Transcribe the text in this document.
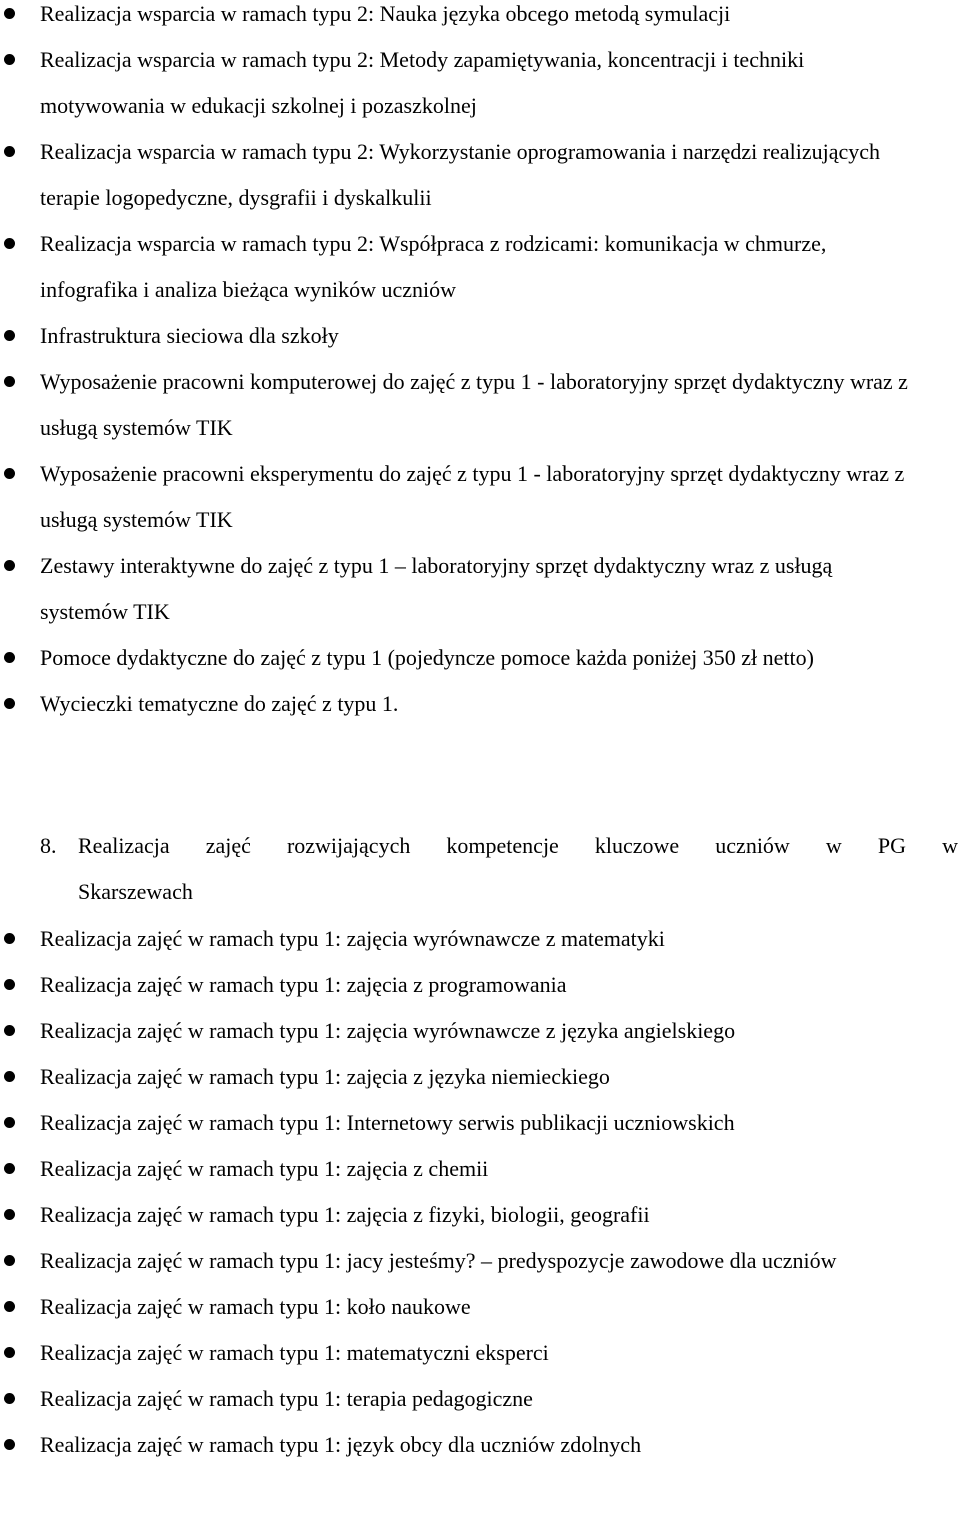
Realizacja wsparcia w ramach typu 2: Nauka języka obcego metodą symulacji
Realizacja wsparcia w ramach typu 2: Metody zapamiętywania, koncentracji i techniki motywowania w edukacji szkolnej i pozaszkolnej
Realizacja wsparcia w ramach typu 2: Wykorzystanie oprogramowania i narzędzi realizujących terapie logopedyczne, dysgrafii i dyskalkulii
Realizacja wsparcia w ramach typu 2: Współpraca z rodzicami: komunikacja w chmurze, infografika i analiza bieżąca wyników uczniów
Infrastruktura sieciowa dla szkoły
Wyposażenie pracowni komputerowej do zajęć z typu 1 - laboratoryjny sprzęt dydaktyczny wraz z usługą systemów TIK
Wyposażenie pracowni eksperymentu do zajęć z typu 1 - laboratoryjny sprzęt dydaktyczny wraz z usługą systemów TIK
Zestawy interaktywne do zajęć z typu 1 – laboratoryjny sprzęt dydaktyczny wraz z usługą systemów TIK
Pomoce dydaktyczne do zajęć z typu 1 (pojedyncze pomoce każda poniżej 350 zł netto)
Wycieczki tematyczne do zajęć z typu 1.
8. Realizacja zajęć rozwijających kompetencje kluczowe uczniów w PG w
Skarszewach
Realizacja zajęć w ramach typu 1: zajęcia wyrównawcze z matematyki
Realizacja zajęć w ramach typu 1: zajęcia z programowania
Realizacja zajęć w ramach typu 1: zajęcia wyrównawcze z języka angielskiego
Realizacja zajęć w ramach typu 1: zajęcia z języka niemieckiego
Realizacja zajęć w ramach typu 1: Internetowy serwis publikacji uczniowskich
Realizacja zajęć w ramach typu 1: zajęcia z chemii
Realizacja zajęć w ramach typu 1: zajęcia z fizyki, biologii, geografii
Realizacja zajęć w ramach typu 1: jacy jesteśmy? – predyspozycje zawodowe dla uczniów
Realizacja zajęć w ramach typu 1: koło naukowe
Realizacja zajęć w ramach typu 1: matematyczni eksperci
Realizacja zajęć w ramach typu 1: terapia pedagogiczne
Realizacja zajęć w ramach typu 1: język obcy dla uczniów zdolnych
